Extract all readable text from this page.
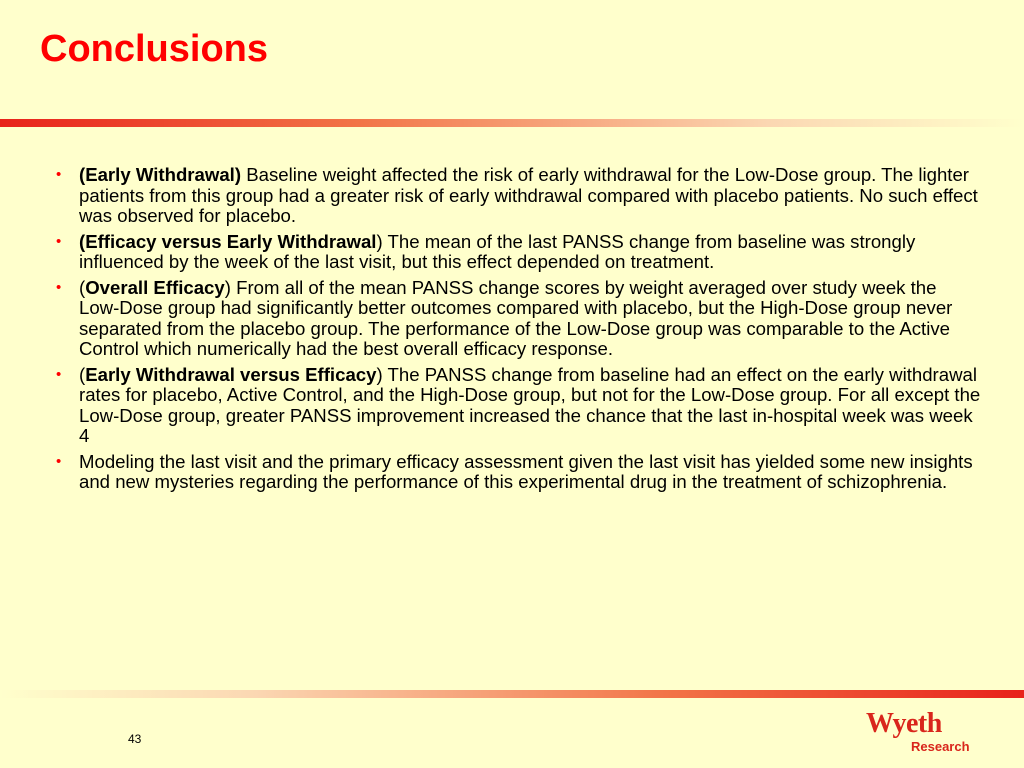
Conclusions
• (Early Withdrawal) Baseline weight affected the risk of early withdrawal for the Low-Dose group. The lighter patients from this group had a greater risk of early withdrawal compared with placebo patients. No such effect was observed for placebo.
• (Efficacy versus Early Withdrawal) The mean of the last PANSS change from baseline was strongly influenced by the week of the last visit, but this effect depended on treatment.
• (Overall Efficacy) From all of the mean PANSS change scores by weight averaged over study week the Low-Dose group had significantly better outcomes compared with placebo, but the High-Dose group never separated from the placebo group. The performance of the Low-Dose group was comparable to the Active Control which numerically had the best overall efficacy response.
• (Early Withdrawal versus Efficacy) The PANSS change from baseline had an effect on the early withdrawal rates for placebo, Active Control, and the High-Dose group, but not for the Low-Dose group. For all except the Low-Dose group, greater PANSS improvement increased the chance that the last in-hospital week was week 4
• Modeling the last visit and the primary efficacy assessment given the last visit has yielded some new insights and new mysteries regarding the performance of this experimental drug in the treatment of schizophrenia.
43	Wyeth
Research
